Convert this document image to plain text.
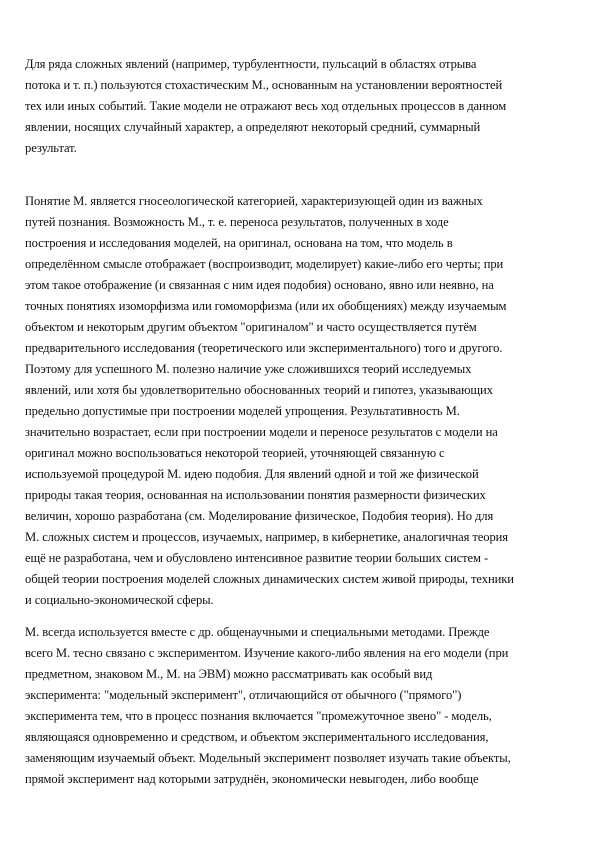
Для ряда сложных явлений (например, турбулентности, пульсаций в областях отрыва
потока и т. п.) пользуются стохастическим М., основанным на установлении вероятностей
тех или иных событий. Такие модели не отражают весь ход отдельных процессов в данном
явлении, носящих случайный характер, а определяют некоторый средний, суммарный
результат.

Понятие М. является гносеологической категорией, характеризующей один из важных
путей познания. Возможность М., т. е. переноса результатов, полученных в ходе
построения и исследования моделей, на оригинал, основана на том, что модель в
определённом смысле отображает (воспроизводит, моделирует) какие-либо его черты; при
этом такое отображение (и связанная с ним идея подобия) основано, явно или неявно, на
точных понятиях изоморфизма или гомоморфизма (или их обобщениях) между изучаемым
объектом и некоторым другим объектом "оригиналом" и часто осуществляется путём
предварительного исследования (теоретического или экспериментального) того и другого.
Поэтому для успешного М. полезно наличие уже сложившихся теорий исследуемых
явлений, или хотя бы удовлетворительно обоснованных теорий и гипотез, указывающих
предельно допустимые при построении моделей упрощения. Результативность М.
значительно возрастает, если при построении модели и переносе результатов с модели на
оригинал можно воспользоваться некоторой теорией, уточняющей связанную с
используемой процедурой М. идею подобия. Для явлений одной и той же физической
природы такая теория, основанная на использовании понятия размерности физических
величин, хорошо разработана (см. Моделирование физическое, Подобия теория). Но для
М. сложных систем и процессов, изучаемых, например, в кибернетике, аналогичная теория
ещё не разработана, чем и обусловлено интенсивное развитие теории больших систем -
общей теории построения моделей сложных динамических систем живой природы, техники
и социально-экономической сферы.

М. всегда используется вместе с др. общенаучными и специальными методами. Прежде
всего М. тесно связано с экспериментом. Изучение какого-либо явления на его модели (при
предметном, знаковом М., М. на ЭВМ) можно рассматривать как особый вид
эксперимента: "модельный эксперимент", отличающийся от обычного ("прямого")
эксперимента тем, что в процесс познания включается "промежуточное звено" - модель,
являющаяся одновременно и средством, и объектом экспериментального исследования,
заменяющим изучаемый объект. Модельный эксперимент позволяет изучать такие объекты,
прямой эксперимент над которыми затруднён, экономически невыгоден, либо вообще
